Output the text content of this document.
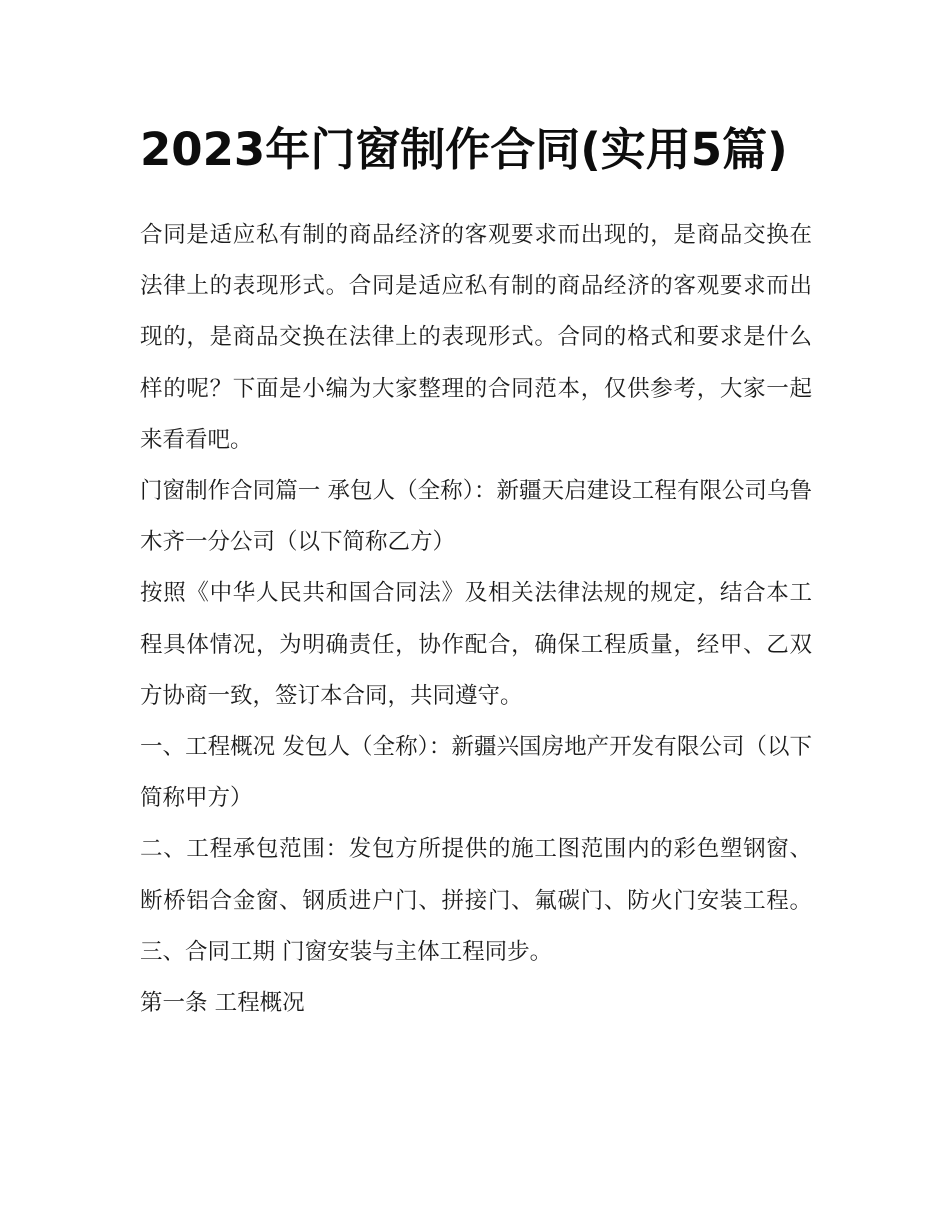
2023年门窗制作合同(实用5篇)

合同是适应私有制的商品经济的客观要求而出现的，是商品交换在法律上的表现形式。合同是适应私有制的商品经济的客观要求而出现的，是商品交换在法律上的表现形式。合同的格式和要求是什么样的呢？下面是小编为大家整理的合同范本，仅供参考，大家一起来看看吧。

门窗制作合同篇一 承包人（全称）：新疆天启建设工程有限公司乌鲁木齐一分公司（以下简称乙方）

按照《中华人民共和国合同法》及相关法律法规的规定，结合本工程具体情况，为明确责任，协作配合，确保工程质量，经甲、乙双方协商一致，签订本合同，共同遵守。

一、工程概况 发包人（全称）：新疆兴国房地产开发有限公司（以下简称甲方）

二、工程承包范围：发包方所提供的施工图范围内的彩色塑钢窗、断桥铝合金窗、钢质进户门、拼接门、氟碳门、防火门安装工程。 三、合同工期 门窗安装与主体工程同步。

第一条 工程概况
